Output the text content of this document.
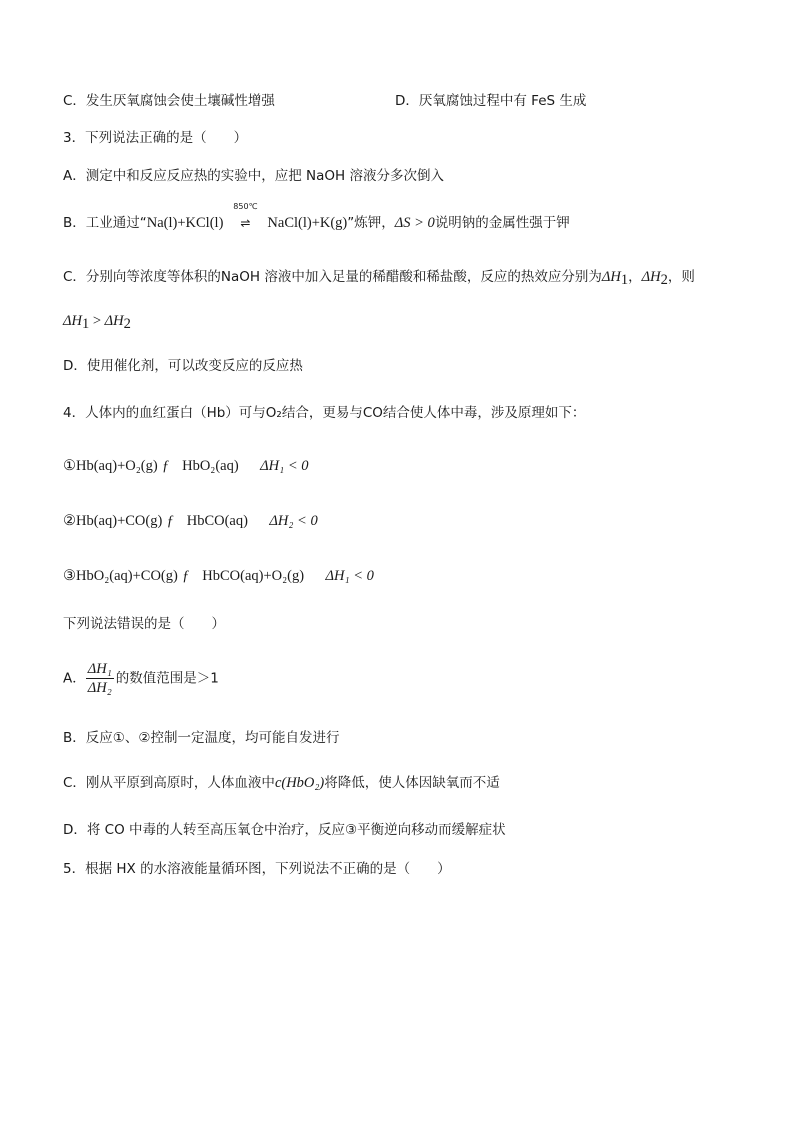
C．发生厌氧腐蚀会使土壤碱性增强	D．厌氧腐蚀过程中有 FeS 生成
3．下列说法正确的是（　　）
A．测定中和反应反应热的实验中，应把 NaOH 溶液分多次倒入
B．工业通过“Na(l)+KCl(l)
850℃
⇌ NaCl(l)+K(g)”炼钾，ΔS > 0说明钠的金属性强于钾
C．分别向等浓度等体积的NaOH 溶液中加入足量的稀醋酸和稀盐酸，反应的热效应分别为$\Delta H_1$，$\Delta H_2$，则
$\Delta H_1 > \Delta H_2$
D．使用催化剂，可以改变反应的反应热
4．人体内的血红蛋白（Hb）可与O₂结合，更易与CO结合使人体中毒，涉及原理如下：
①Hb(aq)+O₂(g) ƒ HbO₂(aq) ΔH₁ < 0
②Hb(aq)+CO(g) ƒ HbCO(aq) ΔH₂ < 0
③HbO₂(aq)+CO(g) ƒ HbCO(aq)+O₂(g) ΔH₁ < 0
下列说法错误的是（　　）
A． $\frac{\text{ΔH₁}}{\text{ΔH₂}}$ 的数值范围是＞1
B．反应①、②控制一定温度，均可能自发进行
C．刚从平原到高原时，人体血液中c(HbO₂)将降低，使人体因缺氧而不适
D．将 CO 中毒的人转至高压氧仓中治疗，反应③平衡逆向移动而缓解症状
5．根据 HX 的水溶液能量循环图，下列说法不正确的是（　　）
